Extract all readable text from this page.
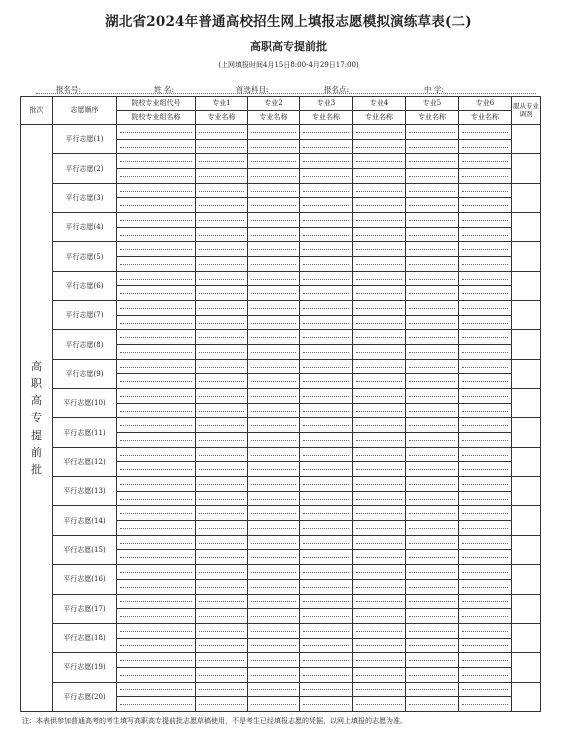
湖北省2024年普通高校招生网上填报志愿模拟演练草表(二)
高职高专提前批
(上网填报时间4月15日8:00-4月29日17:00)
报名号:	姓 名:	首选科目:	报名点:	中 学:
批次	志愿顺序	院校专业组代号	专业1	专业2	专业3	专业4	专业5	专业6	服从专业调剂
		院校专业组名称	专业名称	专业名称	专业名称	专业名称	专业名称	专业名称	

高职高专提前批	平行志愿(1)								

	平行志愿(2)								

	平行志愿(3)								

	平行志愿(4)								

	平行志愿(5)								

	平行志愿(6)								

	平行志愿(7)								

	平行志愿(8)								

	平行志愿(9)								

	平行志愿(10)								

	平行志愿(11)								

	平行志愿(12)								

	平行志愿(13)								

	平行志愿(14)								

	平行志愿(15)								

	平行志愿(16)								

	平行志愿(17)								

	平行志愿(18)								

	平行志愿(19)								

	平行志愿(20)								

注：本表供参加普通高考的考生填写高职高专提前批志愿草稿使用，不是考生已经填报志愿的凭据，以网上填报的志愿为准。
